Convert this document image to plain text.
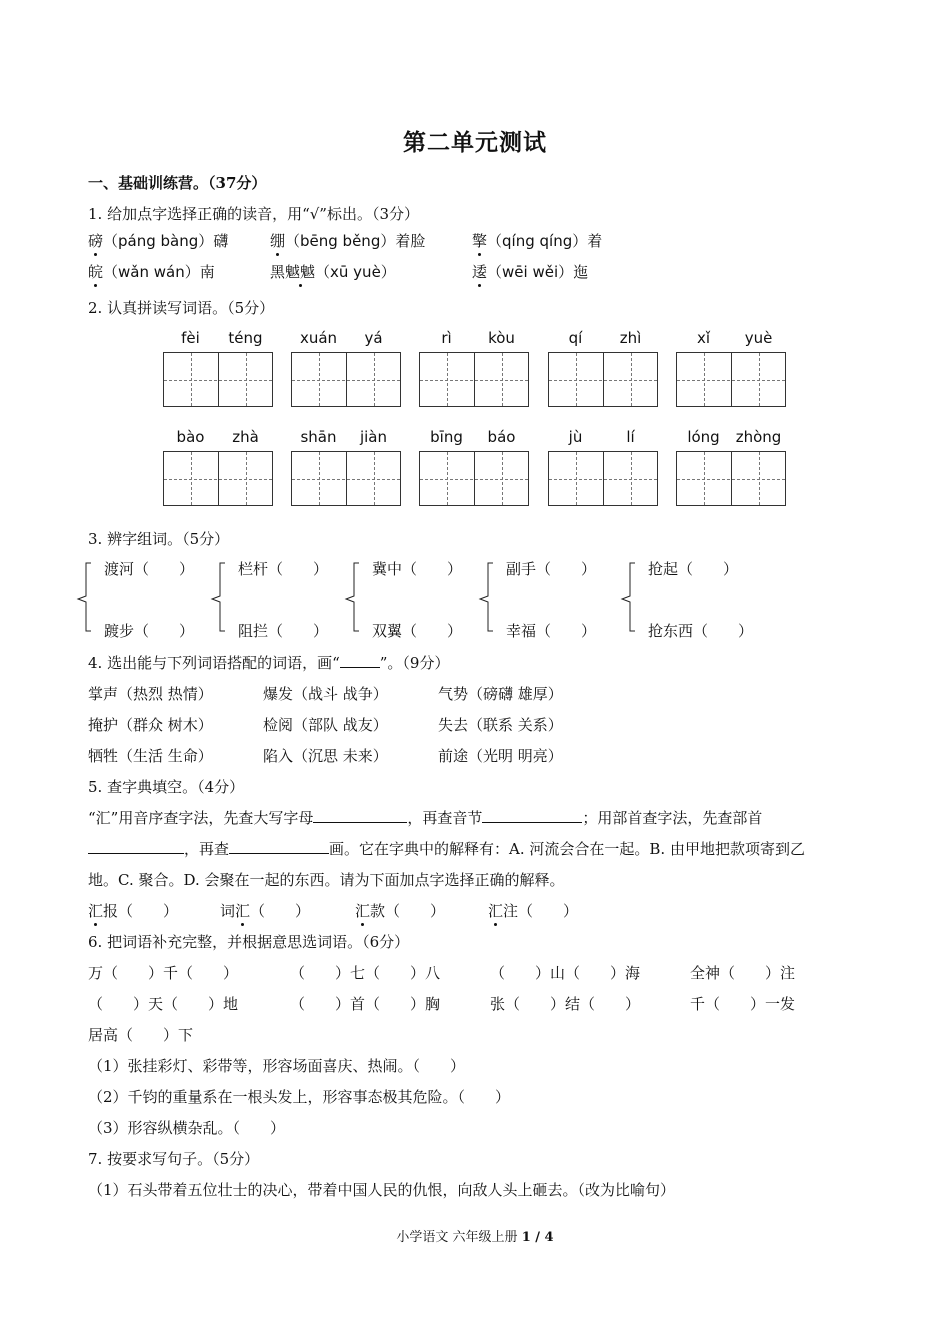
第二单元测试
一、基础训练营。（37分）
1. 给加点字选择正确的读音，用“√”标出。（3分）
磅（páng bàng）礴	绷（bēng běng）着脸	擎（qíng qíng）着
皖（wǎn wán）南	黑魆魆（xū yuè）	逶（wēi wěi）迤
2. 认真拼读写词语。（5分）
fèi	téng	xuán	yá	rì	kòu	qí	zhì	xǐ	yuè
bào	zhà	shān	jiàn	bīng	báo	jù	lí	lóng	zhòng
3. 辨字组词。（5分）
渡河（　　）
踱步（　　）
栏杆（　　）
阻拦（　　）
冀中（　　）
双翼（　　）
副手（　　）
幸福（　　）
抢起（　　）
抢东西（　　）
4. 选出能与下列词语搭配的词语，画“	”。（9分）
掌声（热烈 热情）	爆发（战斗 战争）	气势（磅礴 雄厚）
掩护（群众 树木）	检阅（部队 战友）	失去（联系 关系）
牺牲（生活 生命）	陷入（沉思 未来）	前途（光明 明亮）
5. 查字典填空。（4分）
“汇”用音序查字法，先查大写字母	，再查音节	；用部首查字法，先查部首
，再查	画。它在字典中的解释有：A. 河流会合在一起。B. 由甲地把款项寄到乙
地。C. 聚合。D. 会聚在一起的东西。请为下面加点字选择正确的解释。
汇报（　　）	词汇（　　）	汇款（　　）	汇注（　　）
6. 把词语补充完整，并根据意思选词语。（6分）
万（　　）千（　　）	（　　）七（　　）八	（　　）山（　　）海	全神（　　）注
（　　）天（　　）地	（　　）首（　　）胸	张（　　）结（　　）	千（　　）一发
居高（　　）下
（1）张挂彩灯、彩带等，形容场面喜庆、热闹。（　　）
（2）千钧的重量系在一根头发上，形容事态极其危险。（　　）
（3）形容纵横杂乱。（　　）
7. 按要求写句子。（5分）
（1）石头带着五位壮士的决心，带着中国人民的仇恨，向敌人头上砸去。（改为比喻句）
小学语文 六年级上册 1 / 4
